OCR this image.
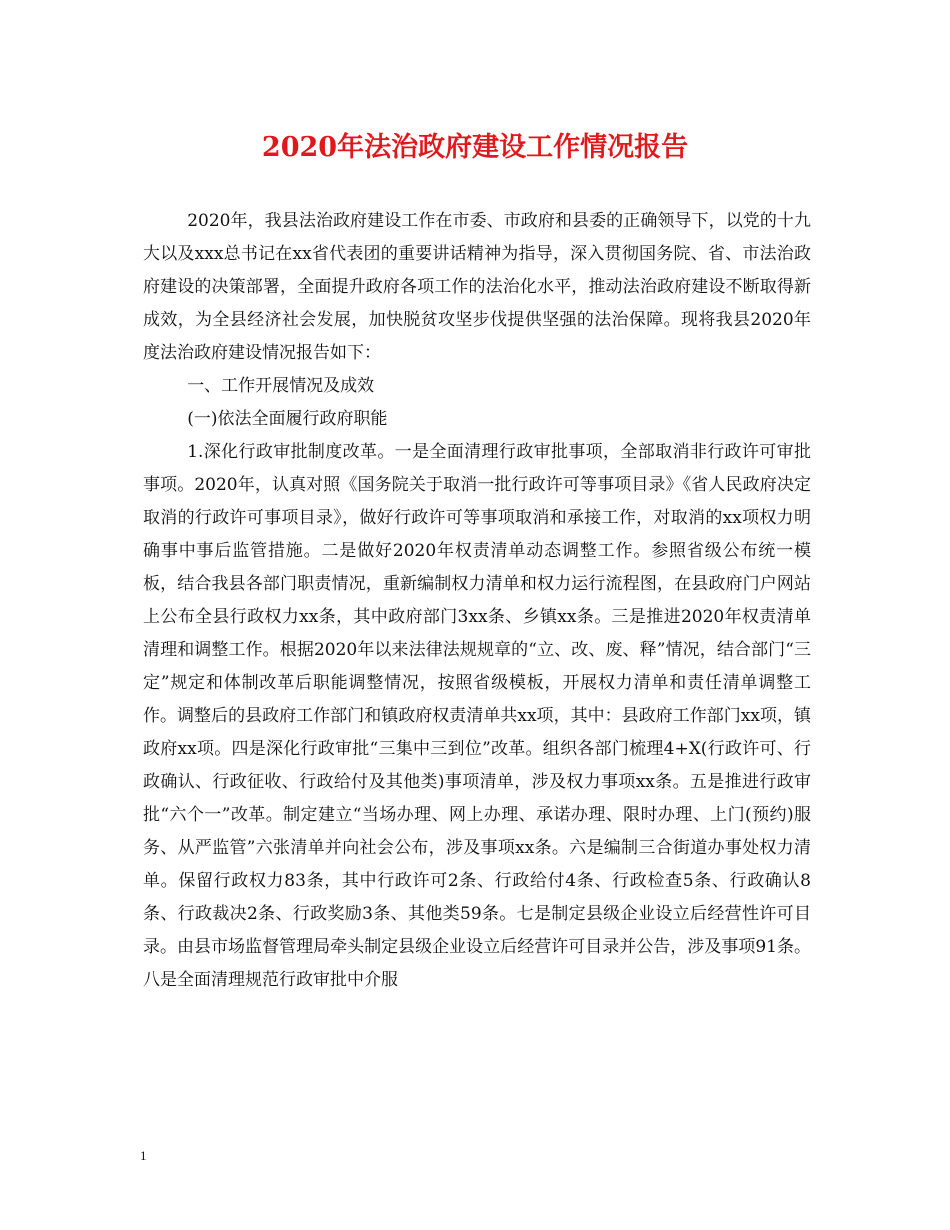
2020年法治政府建设工作情况报告

2020年，我县法治政府建设工作在市委、市政府和县委的正确领导下，以党的十九大以及xxx总书记在xx省代表团的重要讲话精神为指导，深入贯彻国务院、省、市法治政府建设的决策部署，全面提升政府各项工作的法治化水平，推动法治政府建设不断取得新成效，为全县经济社会发展，加快脱贫攻坚步伐提供坚强的法治保障。现将我县2020年度法治政府建设情况报告如下：

一、工作开展情况及成效

(一)依法全面履行政府职能

1.深化行政审批制度改革。一是全面清理行政审批事项，全部取消非行政许可审批事项。2020年，认真对照《国务院关于取消一批行政许可等事项目录》《省人民政府决定取消的行政许可事项目录》，做好行政许可等事项取消和承接工作，对取消的xx项权力明确事中事后监管措施。二是做好2020年权责清单动态调整工作。参照省级公布统一模板，结合我县各部门职责情况，重新编制权力清单和权力运行流程图，在县政府门户网站上公布全县行政权力xx条，其中政府部门3xx条、乡镇xx条。三是推进2020年权责清单清理和调整工作。根据2020年以来法律法规规章的“立、改、废、释”情况，结合部门“三定”规定和体制改革后职能调整情况，按照省级模板，开展权力清单和责任清单调整工作。调整后的县政府工作部门和镇政府权责清单共xx项，其中：县政府工作部门xx项，镇政府xx项。四是深化行政审批“三集中三到位”改革。组织各部门梳理4+X(行政许可、行政确认、行政征收、行政给付及其他类)事项清单，涉及权力事项xx条。五是推进行政审批“六个一”改革。制定建立“当场办理、网上办理、承诺办理、限时办理、上门(预约)服务、从严监管”六张清单并向社会公布，涉及事项xx条。六是编制三合街道办事处权力清单。保留行政权力83条，其中行政许可2条、行政给付4条、行政检查5条、行政确认8条、行政裁决2条、行政奖励3条、其他类59条。七是制定县级企业设立后经营性许可目录。由县市场监督管理局牵头制定县级企业设立后经营许可目录并公告，涉及事项91条。八是全面清理规范行政审批中介服

1
